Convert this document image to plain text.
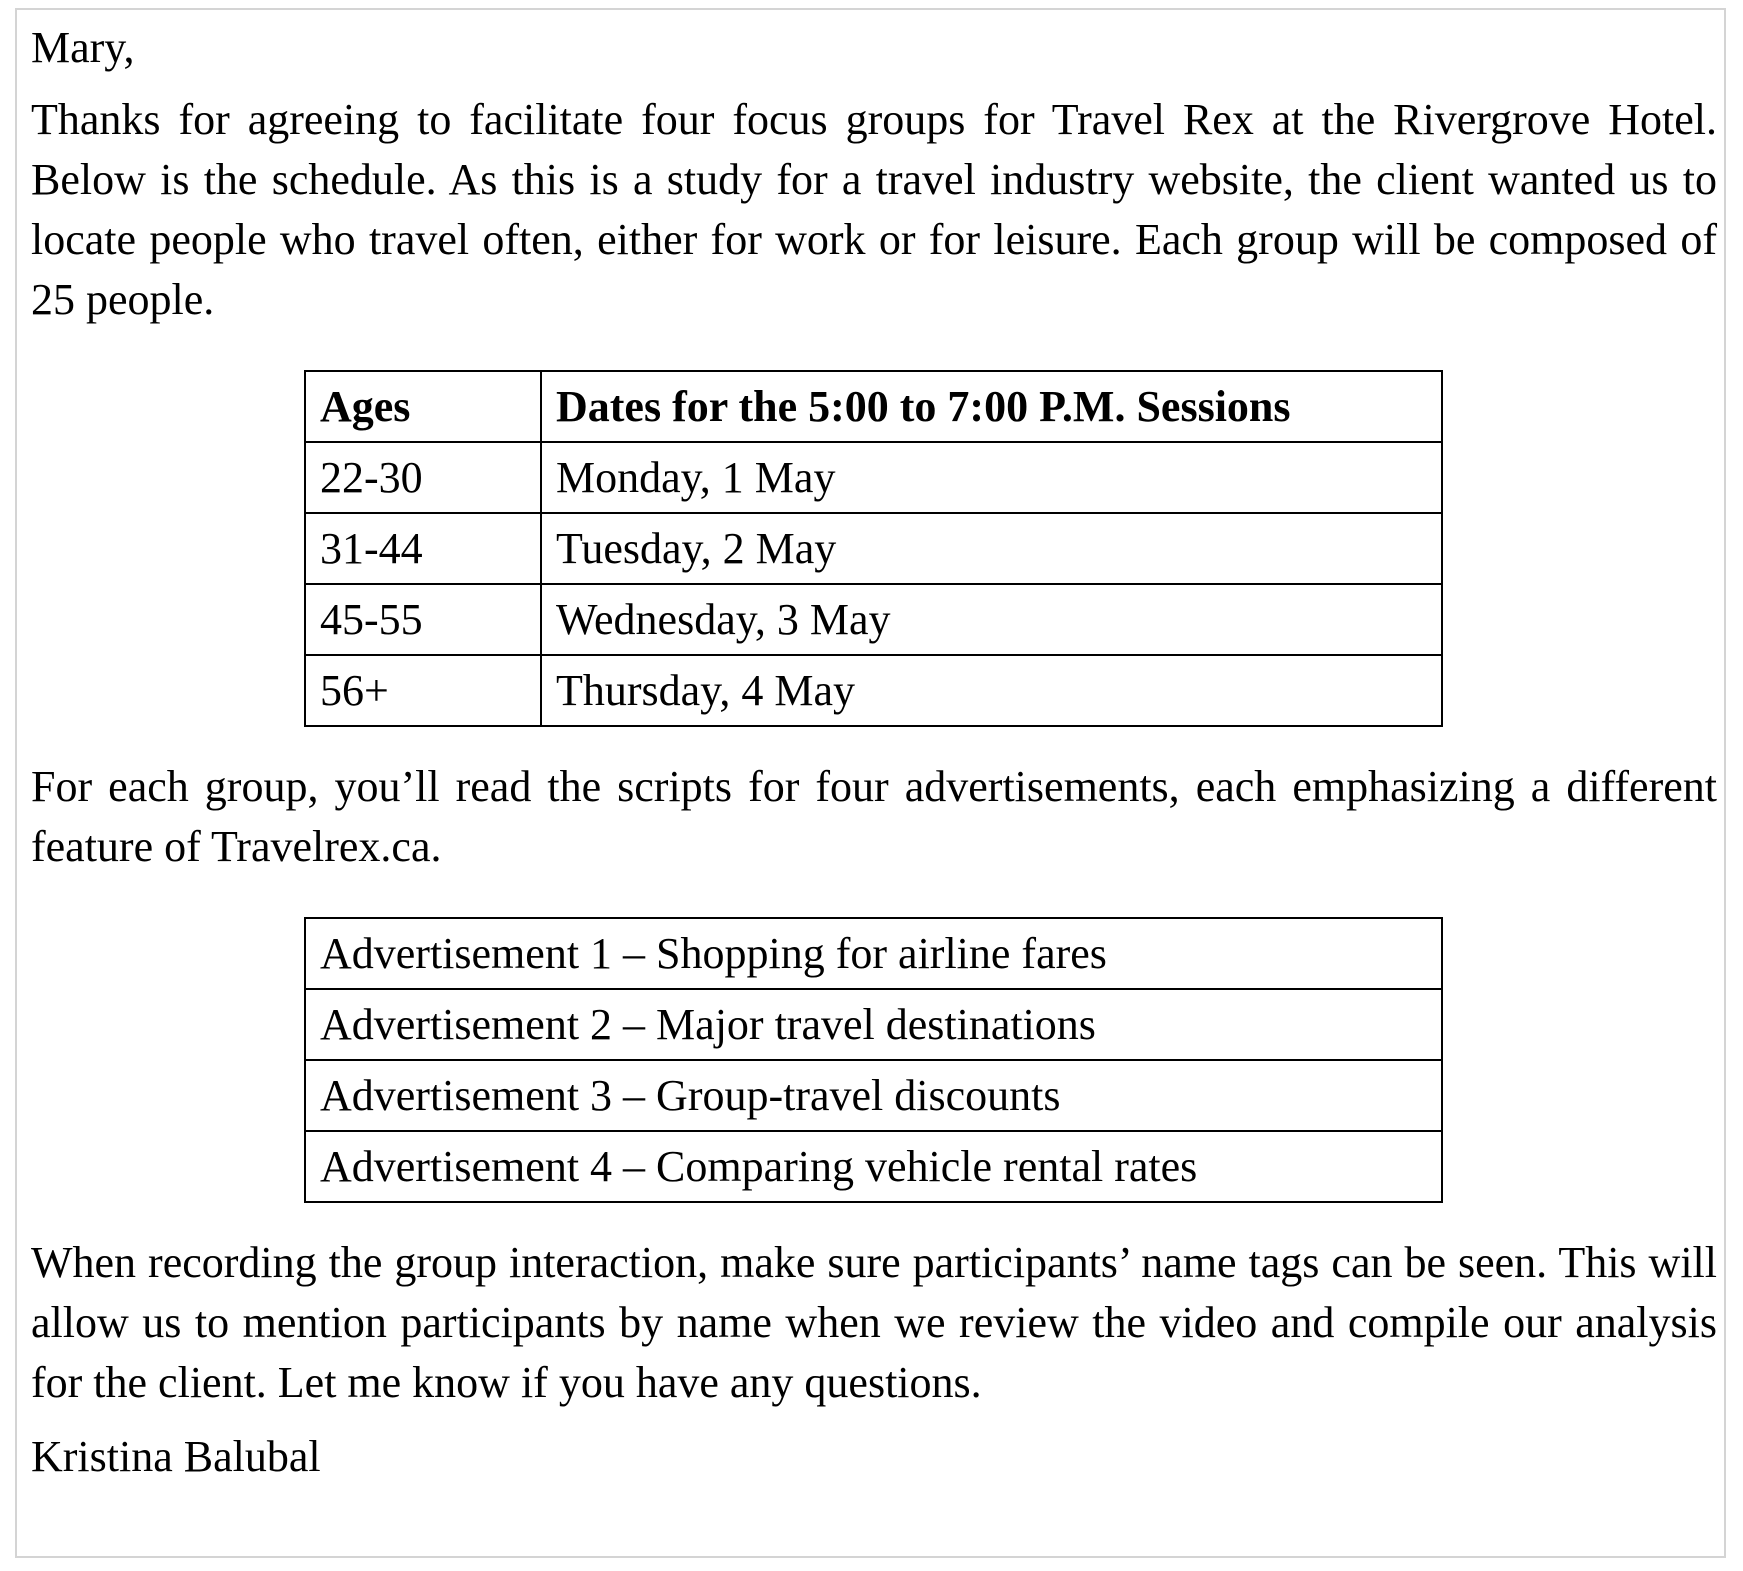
Mary,

Thanks for agreeing to facilitate four focus groups for Travel Rex at the Rivergrove Hotel. Below is the schedule. As this is a study for a travel industry website, the client wanted us to locate people who travel often, either for work or for leisure. Each group will be composed of 25 people.

Ages	Dates for the 5:00 to 7:00 P.M. Sessions
22-30	Monday, 1 May
31-44	Tuesday, 2 May
45-55	Wednesday, 3 May
56+	Thursday, 4 May

For each group, you’ll read the scripts for four advertisements, each emphasizing a different feature of Travelrex.ca.

Advertisement 1 – Shopping for airline fares
Advertisement 2 – Major travel destinations
Advertisement 3 – Group-travel discounts
Advertisement 4 – Comparing vehicle rental rates

When recording the group interaction, make sure participants’ name tags can be seen. This will allow us to mention participants by name when we review the video and compile our analysis for the client. Let me know if you have any questions.

Kristina Balubal
